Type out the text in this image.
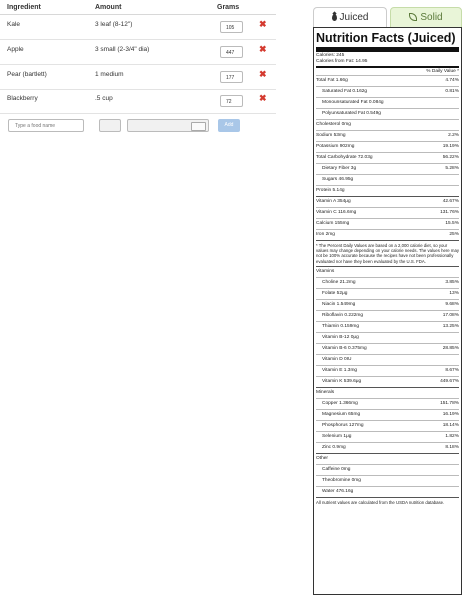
Ingredient	Amount	Grams
Kale	3 leaf (8-12")	105	✖
Apple	3 small (2-3/4" dia)	447	✖
Pear (bartlett)	1 medium	177	✖
Blackberry	.5 cup	72	✖
Type a food name
Add
Juiced	Solid
Nutrition Facts (Juiced)
Calories: 245
Calories from Fat: 14.95
% Daily Value *
Total Fat 1.66g	4.74%
Saturated Fat 0.162g	0.81%
Monounsaturated Fat 0.084g
Polyunsaturated Fat 0.549g
Cholesterol 0mg
Sodium 53mg	2.2%
Potassium 902mg	19.19%
Total Carbohydrate 72.03g	56.22%
Dietary Fiber 3g	5.28%
Sugars 46.95g
Protein 5.14g
Vitamin A 354μg	42.67%
Vitamin C 116.6mg	131.76%
Calcium 155mg	15.5%
Iron 2mg	25%
* The Percent Daily Values are based on a 2,000 calorie diet, so your values may change depending on your calorie needs. The values here may not be 100% accurate because the recipes have not been professionally evaluated nor have they been evaluated by the U.S. FDA.
Vitamins
Choline 21.2mg	3.85%
Folate 52μg	13%
Niacin 1.549mg	9.68%
Riboflavin 0.222mg	17.08%
Thiamin 0.159mg	13.25%
Vitamin B-12 0μg
Vitamin B-6 0.375mg	28.85%
Vitamin D 0IU
Vitamin E 1.3mg	8.67%
Vitamin K 539.6μg	449.67%
Minerals
Copper 1.366mg	151.78%
Magnesium 65mg	16.19%
Phosphorus 127mg	18.14%
Selenium 1μg	1.82%
Zinc 0.9mg	8.18%
Other
Caffeine 0mg
Theobromine 0mg
Water 476.16g
All nutrient values are calculated from the USDA nutrition database.
